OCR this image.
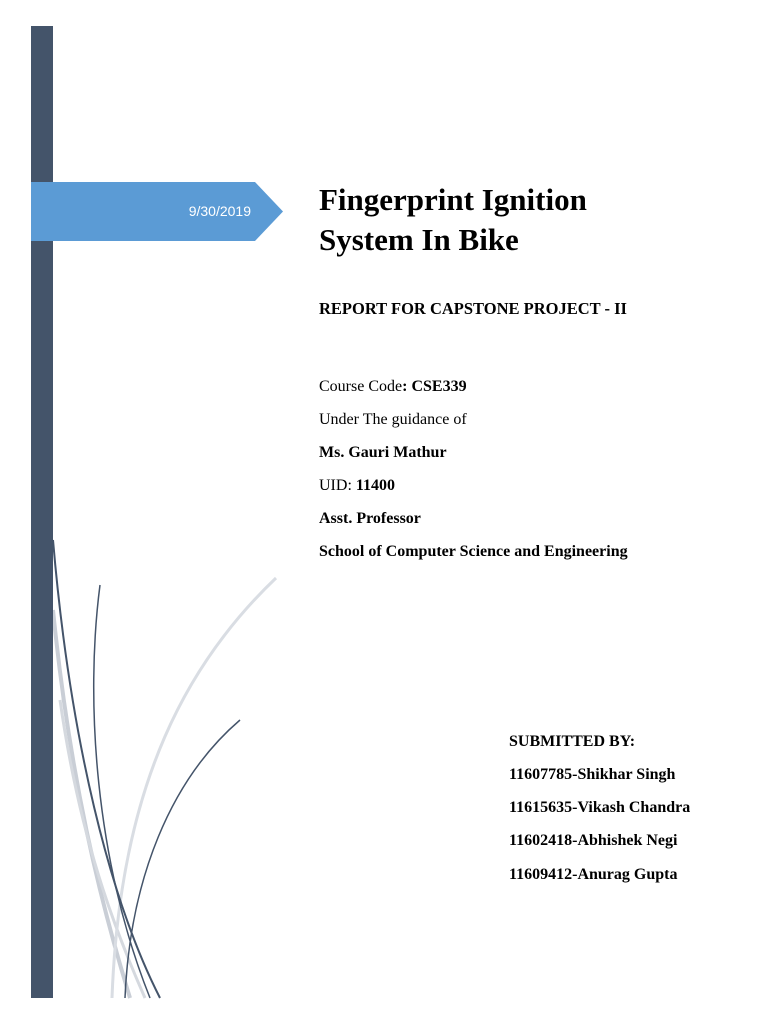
9/30/2019 Fingerprint Ignition
System In Bike
REPORT FOR CAPSTONE PROJECT - II
Course Code: CSE339
Under The guidance of
Ms. Gauri Mathur
UID: 11400
Asst. Professor
School of Computer Science and Engineering
SUBMITTED BY:
11607785-Shikhar Singh
11615635-Vikash Chandra
11602418-Abhishek Negi
11609412-Anurag Gupta
